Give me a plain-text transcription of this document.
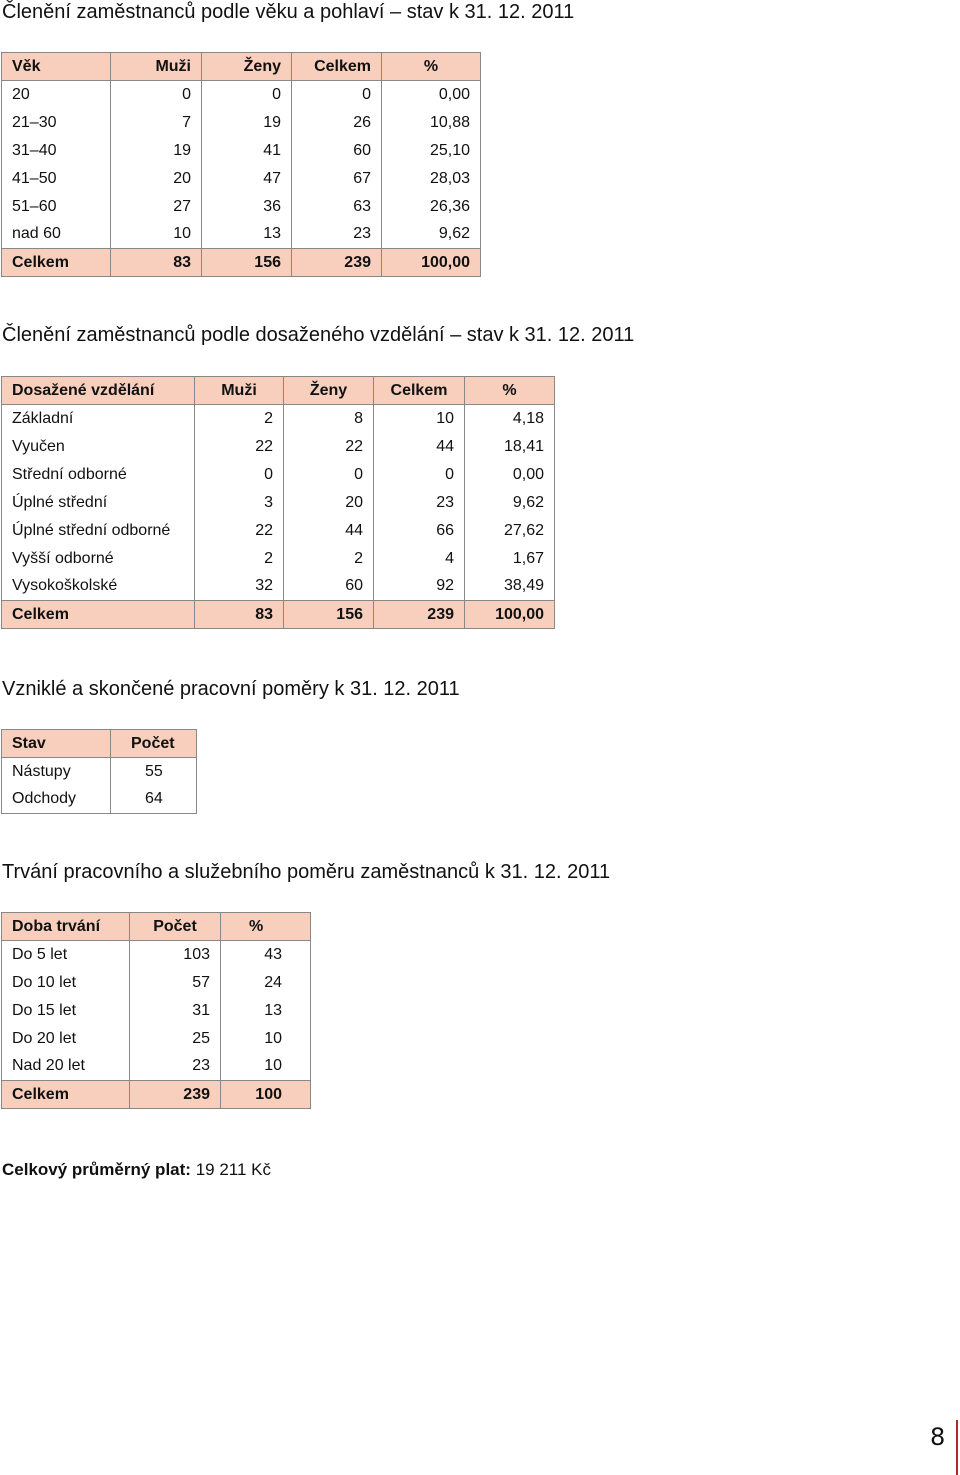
Členění zaměstnanců podle věku a pohlaví – stav k 31. 12. 2011
Věk	Muži	Ženy	Celkem	%
20	0	0	0	0,00
21–30	7	19	26	10,88
31–40	19	41	60	25,10
41–50	20	47	67	28,03
51–60	27	36	63	26,36
nad 60	10	13	23	9,62
Celkem	83	156	239	100,00
Členění zaměstnanců podle dosaženého vzdělání – stav k 31. 12. 2011
Dosažené vzdělání	Muži	Ženy	Celkem	%
Základní	2	8	10	4,18
Vyučen	22	22	44	18,41
Střední odborné	0	0	0	0,00
Úplné střední	3	20	23	9,62
Úplné střední odborné	22	44	66	27,62
Vyšší odborné	2	2	4	1,67
Vysokoškolské	32	60	92	38,49
Celkem	83	156	239	100,00
Vzniklé a skončené pracovní poměry k 31. 12. 2011
Stav	Počet
Nástupy	55
Odchody	64
Trvání pracovního a služebního poměru zaměstnanců k 31. 12. 2011
Doba trvání	Počet	%
Do 5 let	103	43
Do 10 let	57	24
Do 15 let	31	13
Do 20 let	25	10
Nad 20 let	23	10
Celkem	239	100
Celkový průměrný plat: 19 211 Kč
8
